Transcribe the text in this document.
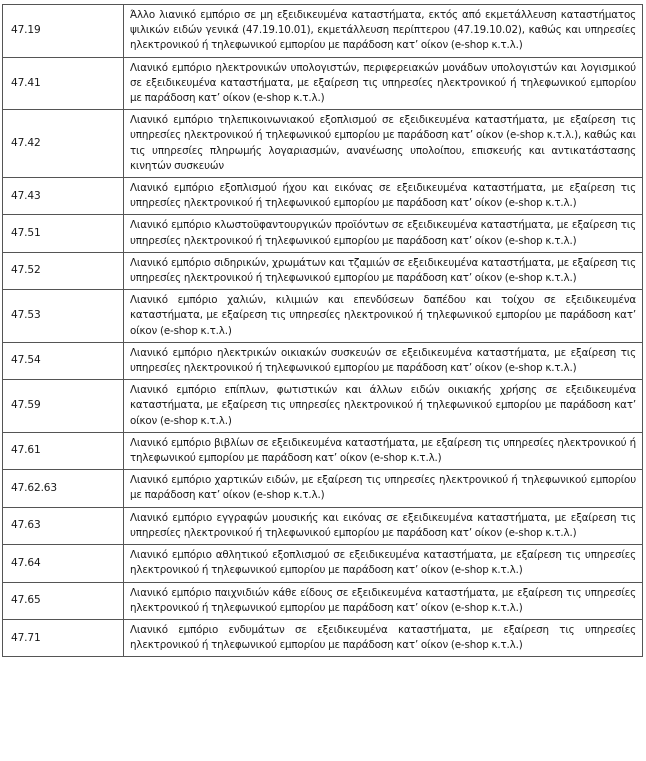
47.19	Άλλο λιανικό εμπόριο σε μη εξειδικευμένα καταστήματα, εκτός από εκμετάλλευση καταστήματος ψιλικών ειδών γενικά (47.19.10.01), εκμετάλλευση περίπτερου (47.19.10.02), καθώς και υπηρεσίες ηλεκτρονικού ή τηλεφωνικού εμπορίου με παράδοση κατ’ οίκον (e-shop κ.τ.λ.)
47.41	Λιανικό εμπόριο ηλεκτρονικών υπολογιστών, περιφερειακών μονάδων υπολογιστών και λογισμικού σε εξειδικευμένα καταστήματα, με εξαίρεση τις υπηρεσίες ηλεκτρονικού ή τηλεφωνικού εμπορίου με παράδοση κατ’ οίκον (e-shop κ.τ.λ.)
47.42	Λιανικό εμπόριο τηλεπικοινωνιακού εξοπλισμού σε εξειδικευμένα καταστήματα, με εξαίρεση τις υπηρεσίες ηλεκτρονικού ή τηλεφωνικού εμπορίου με παράδοση κατ’ οίκον (e-shop κ.τ.λ.), καθώς και τις υπηρεσίες πληρωμής λογαριασμών, ανανέωσης υπολοίπου, επισκευής και αντικατάστασης κινητών συσκευών
47.43	Λιανικό εμπόριο εξοπλισμού ήχου και εικόνας σε εξειδικευμένα καταστήματα, με εξαίρεση τις υπηρεσίες ηλεκτρονικού ή τηλεφωνικού εμπορίου με παράδοση κατ’ οίκον (e-shop κ.τ.λ.)
47.51	Λιανικό εμπόριο κλωστοϋφαντουργικών προϊόντων σε εξειδικευμένα καταστήματα, με εξαίρεση τις υπηρεσίες ηλεκτρονικού ή τηλεφωνικού εμπορίου με παράδοση κατ’ οίκον (e-shop κ.τ.λ.)
47.52	Λιανικό εμπόριο σιδηρικών, χρωμάτων και τζαμιών σε εξειδικευμένα καταστήματα, με εξαίρεση τις υπηρεσίες ηλεκτρονικού ή τηλεφωνικού εμπορίου με παράδοση κατ’ οίκον (e-shop κ.τ.λ.)
47.53	Λιανικό εμπόριο χαλιών, κιλιμιών και επενδύσεων δαπέδου και τοίχου σε εξειδικευμένα καταστήματα, με εξαίρεση τις υπηρεσίες ηλεκτρονικού ή τηλεφωνικού εμπορίου με παράδοση κατ’ οίκον (e-shop κ.τ.λ.)
47.54	Λιανικό εμπόριο ηλεκτρικών οικιακών συσκευών σε εξειδικευμένα καταστήματα, με εξαίρεση τις υπηρεσίες ηλεκτρονικού ή τηλεφωνικού εμπορίου με παράδοση κατ’ οίκον (e-shop κ.τ.λ.)
47.59	Λιανικό εμπόριο επίπλων, φωτιστικών και άλλων ειδών οικιακής χρήσης σε εξειδικευμένα καταστήματα, με εξαίρεση τις υπηρεσίες ηλεκτρονικού ή τηλεφωνικού εμπορίου με παράδοση κατ’ οίκον (e-shop κ.τ.λ.)
47.61	Λιανικό εμπόριο βιβλίων σε εξειδικευμένα καταστήματα, με εξαίρεση τις υπηρεσίες ηλεκτρονικού ή τηλεφωνικού εμπορίου με παράδοση κατ’ οίκον (e-shop κ.τ.λ.)
47.62.63	Λιανικό εμπόριο χαρτικών ειδών, με εξαίρεση τις υπηρεσίες ηλεκτρονικού ή τηλεφωνικού εμπορίου με παράδοση κατ’ οίκον (e-shop κ.τ.λ.)
47.63	Λιανικό εμπόριο εγγραφών μουσικής και εικόνας σε εξειδικευμένα καταστήματα, με εξαίρεση τις υπηρεσίες ηλεκτρονικού ή τηλεφωνικού εμπορίου με παράδοση κατ’ οίκον (e-shop κ.τ.λ.)
47.64	Λιανικό εμπόριο αθλητικού εξοπλισμού σε εξειδικευμένα καταστήματα, με εξαίρεση τις υπηρεσίες ηλεκτρονικού ή τηλεφωνικού εμπορίου με παράδοση κατ’ οίκον (e-shop κ.τ.λ.)
47.65	Λιανικό εμπόριο παιχνιδιών κάθε είδους σε εξειδικευμένα καταστήματα, με εξαίρεση τις υπηρεσίες ηλεκτρονικού ή τηλεφωνικού εμπορίου με παράδοση κατ’ οίκον (e-shop κ.τ.λ.)
47.71	Λιανικό εμπόριο ενδυμάτων σε εξειδικευμένα καταστήματα, με εξαίρεση τις υπηρεσίες ηλεκτρονικού ή τηλεφωνικού εμπορίου με παράδοση κατ’ οίκον (e-shop κ.τ.λ.)
